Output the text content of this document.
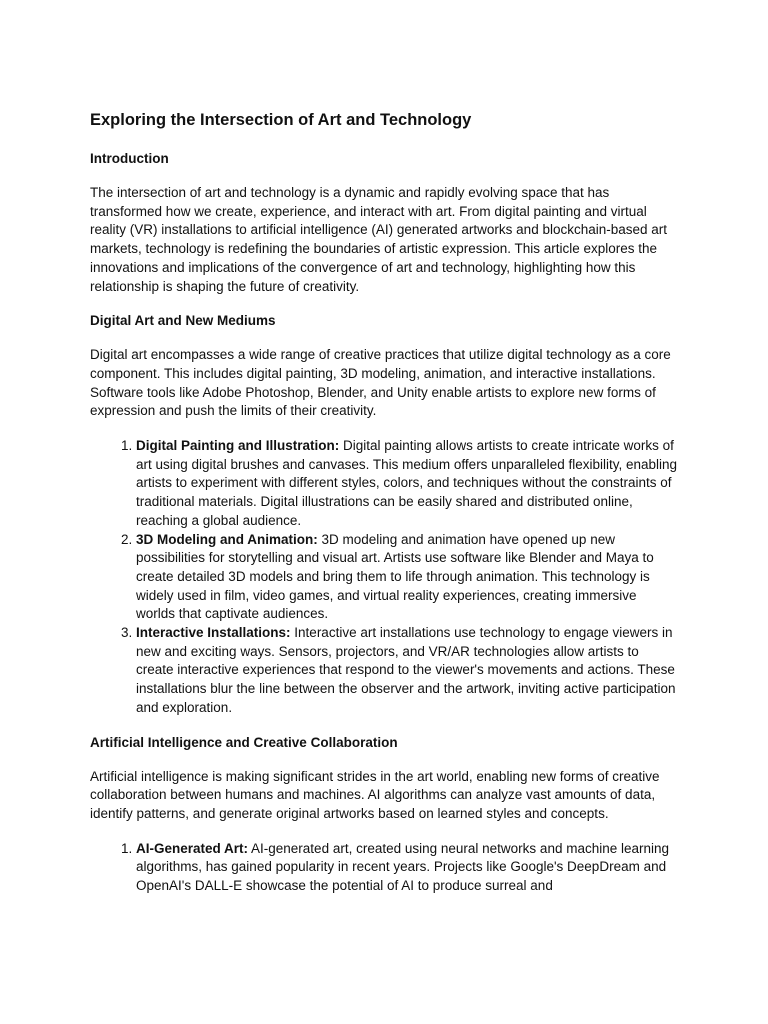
Exploring the Intersection of Art and Technology
Introduction

The intersection of art and technology is a dynamic and rapidly evolving space that has transformed how we create, experience, and interact with art. From digital painting and virtual reality (VR) installations to artificial intelligence (AI) generated artworks and blockchain-based art markets, technology is redefining the boundaries of artistic expression. This article explores the innovations and implications of the convergence of art and technology, highlighting how this relationship is shaping the future of creativity.

Digital Art and New Mediums

Digital art encompasses a wide range of creative practices that utilize digital technology as a core component. This includes digital painting, 3D modeling, animation, and interactive installations. Software tools like Adobe Photoshop, Blender, and Unity enable artists to explore new forms of expression and push the limits of their creativity.

1. Digital Painting and Illustration: Digital painting allows artists to create intricate works of art using digital brushes and canvases. This medium offers unparalleled flexibility, enabling artists to experiment with different styles, colors, and techniques without the constraints of traditional materials. Digital illustrations can be easily shared and distributed online, reaching a global audience.
2. 3D Modeling and Animation: 3D modeling and animation have opened up new possibilities for storytelling and visual art. Artists use software like Blender and Maya to create detailed 3D models and bring them to life through animation. This technology is widely used in film, video games, and virtual reality experiences, creating immersive worlds that captivate audiences.
3. Interactive Installations: Interactive art installations use technology to engage viewers in new and exciting ways. Sensors, projectors, and VR/AR technologies allow artists to create interactive experiences that respond to the viewer's movements and actions. These installations blur the line between the observer and the artwork, inviting active participation and exploration.
Artificial Intelligence and Creative Collaboration

Artificial intelligence is making significant strides in the art world, enabling new forms of creative collaboration between humans and machines. AI algorithms can analyze vast amounts of data, identify patterns, and generate original artworks based on learned styles and concepts.

1. AI-Generated Art: AI-generated art, created using neural networks and machine learning algorithms, has gained popularity in recent years. Projects like Google's DeepDream and OpenAI's DALL-E showcase the potential of AI to produce surreal and
